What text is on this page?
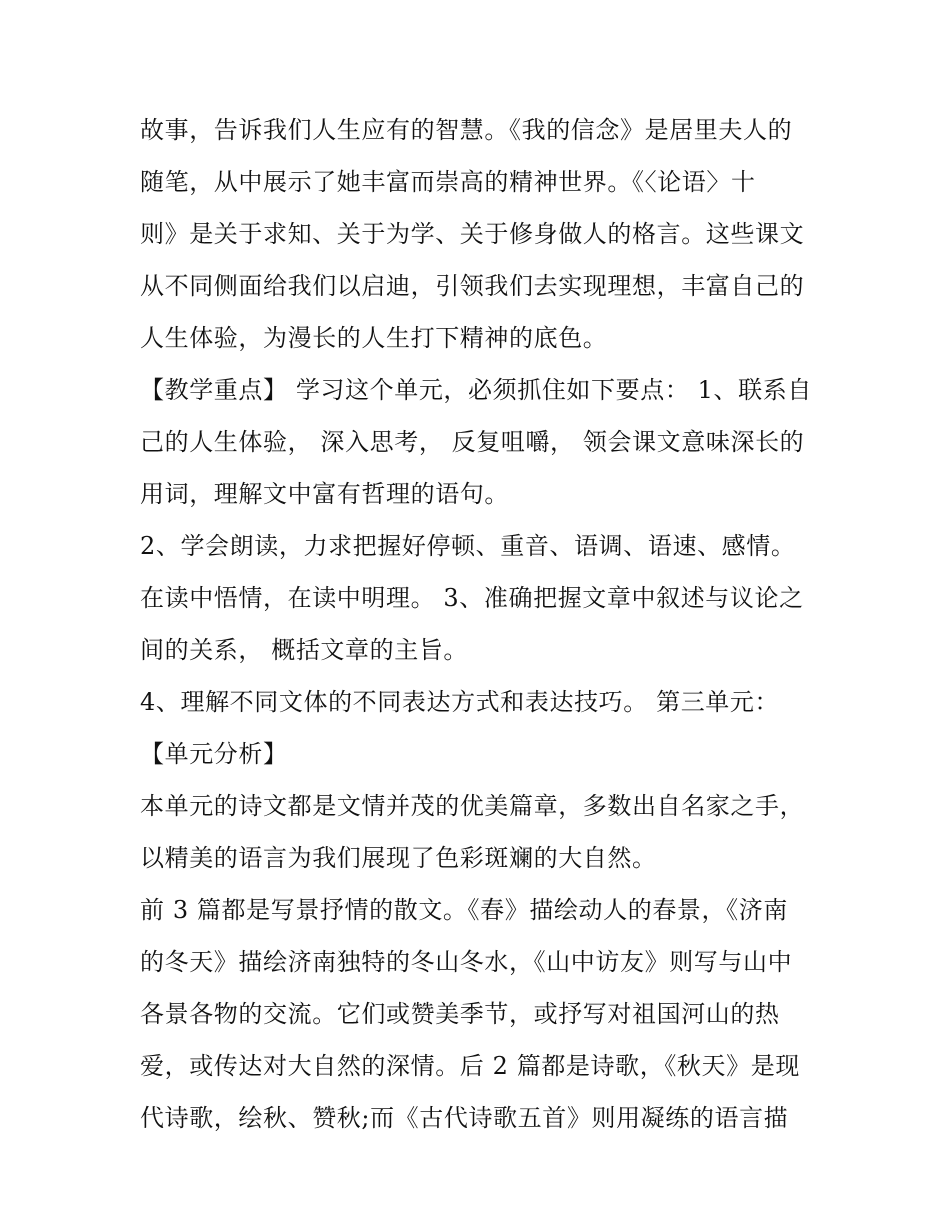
故事，告诉我们人生应有的智慧。《我的信念》是居里夫人的
随笔，从中展示了她丰富而崇高的精神世界。《〈论语〉十
则》是关于求知、关于为学、关于修身做人的格言。这些课文
从不同侧面给我们以启迪，引领我们去实现理想，丰富自己的
人生体验，为漫长的人生打下精神的底色。
【教学重点】 学习这个单元，必须抓住如下要点： 1、联系自
己的人生体验， 深入思考， 反复咀嚼， 领会课文意味深长的
用词，理解文中富有哲理的语句。
2、学会朗读，力求把握好停顿、重音、语调、语速、感情。
在读中悟情，在读中明理。 3、准确把握文章中叙述与议论之
间的关系， 概括文章的主旨。
4、理解不同文体的不同表达方式和表达技巧。 第三单元：
【单元分析】
本单元的诗文都是文情并茂的优美篇章，多数出自名家之手，
以精美的语言为我们展现了色彩斑斓的大自然。
前 3 篇都是写景抒情的散文。《春》描绘动人的春景，《济南
的冬天》描绘济南独特的冬山冬水，《山中访友》则写与山中
各景各物的交流。它们或赞美季节，或抒写对祖国河山的热
爱，或传达对大自然的深情。后 2 篇都是诗歌，《秋天》是现
代诗歌，绘秋、赞秋;而《古代诗歌五首》则用凝练的语言描
